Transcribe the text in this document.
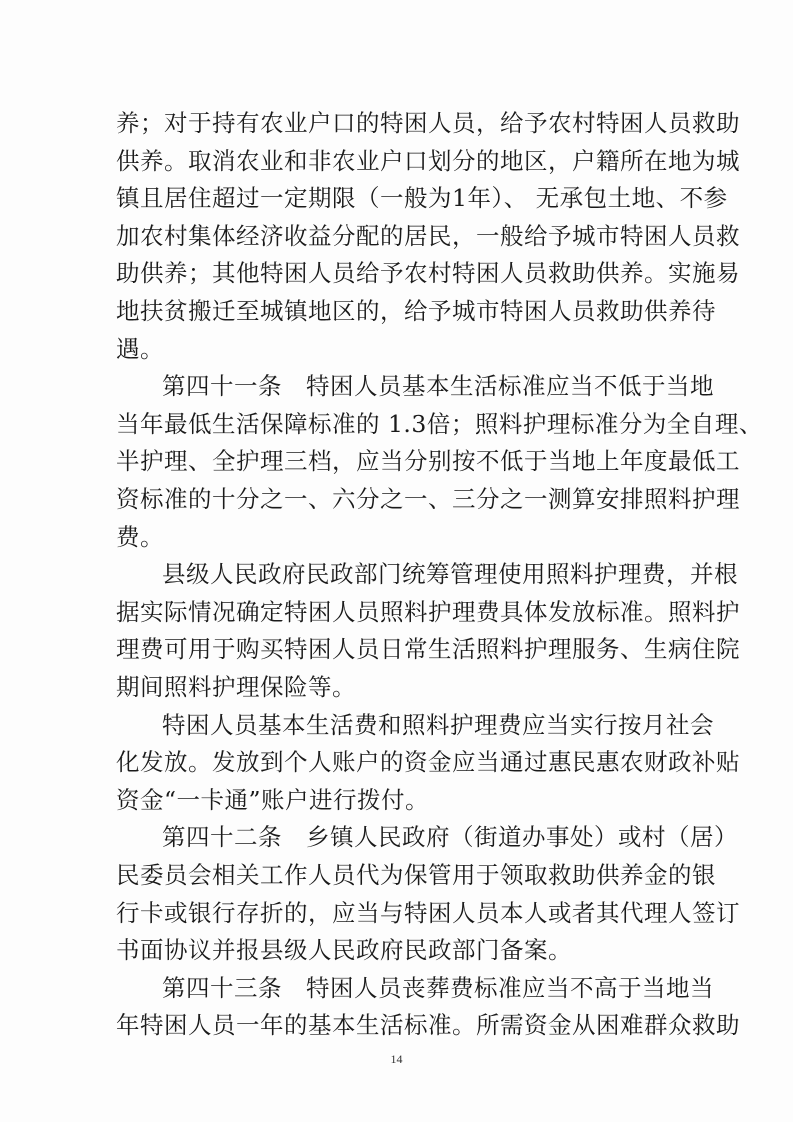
养；对于持有农业户口的特困人员，给予农村特困人员救助
供养。取消农业和非农业户口划分的地区，户籍所在地为城
镇且居住超过一定期限（一般为1年）、 无承包土地、不参
加农村集体经济收益分配的居民，一般给予城市特困人员救
助供养；其他特困人员给予农村特困人员救助供养。实施易
地扶贫搬迁至城镇地区的，给予城市特困人员救助供养待
遇。
第四十一条　特困人员基本生活标准应当不低于当地
当年最低生活保障标准的 1.3倍；照料护理标准分为全自理、
半护理、全护理三档，应当分别按不低于当地上年度最低工
资标准的十分之一、六分之一、三分之一测算安排照料护理
费。
县级人民政府民政部门统筹管理使用照料护理费，并根
据实际情况确定特困人员照料护理费具体发放标准。照料护
理费可用于购买特困人员日常生活照料护理服务、生病住院
期间照料护理保险等。
特困人员基本生活费和照料护理费应当实行按月社会
化发放。发放到个人账户的资金应当通过惠民惠农财政补贴
资金“一卡通”账户进行拨付。
第四十二条　乡镇人民政府（街道办事处）或村（居）
民委员会相关工作人员代为保管用于领取救助供养金的银
行卡或银行存折的，应当与特困人员本人或者其代理人签订
书面协议并报县级人民政府民政部门备案。
第四十三条　特困人员丧葬费标准应当不高于当地当
年特困人员一年的基本生活标准。所需资金从困难群众救助
14
